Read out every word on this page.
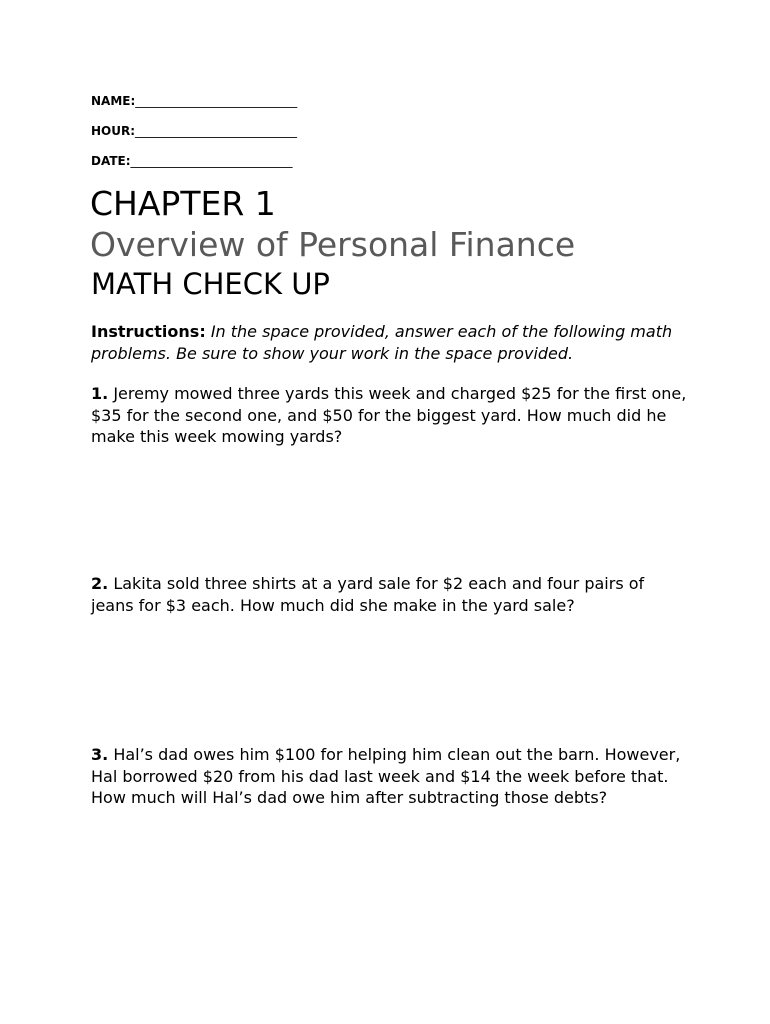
NAME:___________________________
HOUR:___________________________
DATE:___________________________
CHAPTER 1
Overview of Personal Finance
MATH CHECK UP
Instructions: In the space provided, answer each of the following math problems. Be sure to show your work in the space provided.
1. Jeremy mowed three yards this week and charged $25 for the first one, $35 for the second one, and $50 for the biggest yard. How much did he make this week mowing yards?
2. Lakita sold three shirts at a yard sale for $2 each and four pairs of jeans for $3 each. How much did she make in the yard sale?
3. Hal’s dad owes him $100 for helping him clean out the barn. However, Hal borrowed $20 from his dad last week and $14 the week before that. How much will Hal’s dad owe him after subtracting those debts?
